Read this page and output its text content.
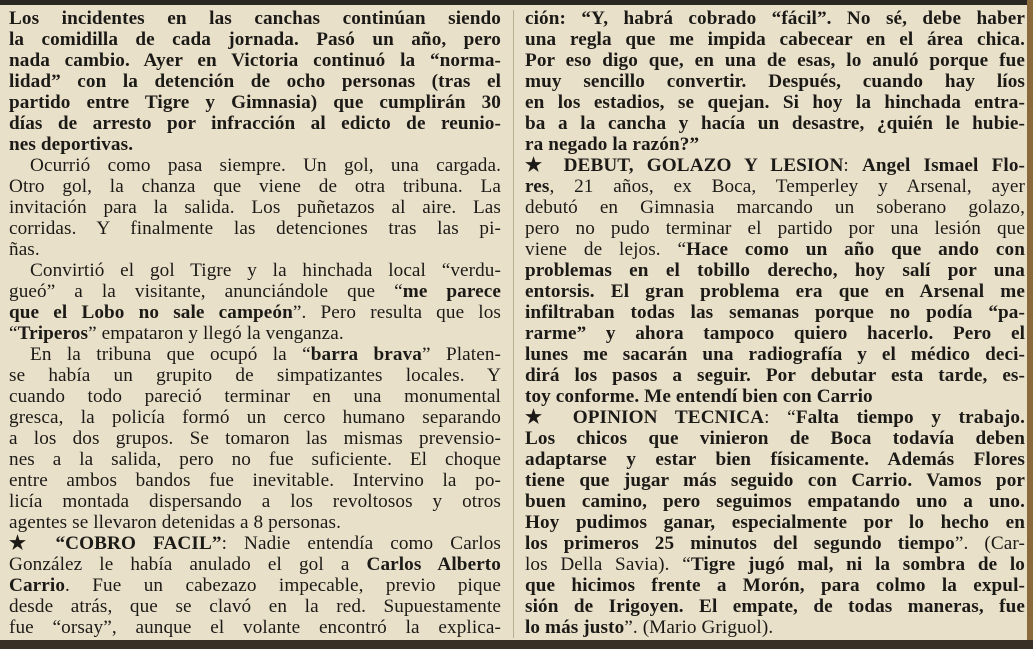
Los incidentes en las canchas continúan siendo
la comidilla de cada jornada. Pasó un año, pero
nada cambio. Ayer en Victoria continuó la “norma-
lidad” con la detención de ocho personas (tras el
partido entre Tigre y Gimnasia) que cumplirán 30
días de arresto por infracción al edicto de reunio-
nes deportivas.
Ocurrió como pasa siempre. Un gol, una cargada.
Otro gol, la chanza que viene de otra tribuna. La
invitación para la salida. Los puñetazos al aire. Las
corridas. Y finalmente las detenciones tras las pi-
ñas.
Convirtió el gol Tigre y la hinchada local “verdu-
gueó” a la visitante, anunciándole que “me parece
que el Lobo no sale campeón”. Pero resulta que los
“Triperos” empataron y llegó la venganza.
En la tribuna que ocupó la “barra brava” Platen-
se había un grupito de simpatizantes locales. Y
cuando todo pareció terminar en una monumental
gresca, la policía formó un cerco humano separando
a los dos grupos. Se tomaron las mismas prevensio-
nes a la salida, pero no fue suficiente. El choque
entre ambos bandos fue inevitable. Intervino la po-
licía montada dispersando a los revoltosos y otros
agentes se llevaron detenidas a 8 personas.
★ “COBRO FACIL”: Nadie entendía como Carlos
González le había anulado el gol a Carlos Alberto
Carrio. Fue un cabezazo impecable, previo pique
desde atrás, que se clavó en la red. Supuestamente
fue “orsay”, aunque el volante encontró la explica-
ción: “Y, habrá cobrado “fácil”. No sé, debe haber
una regla que me impida cabecear en el área chica.
Por eso digo que, en una de esas, lo anuló porque fue
muy sencillo convertir. Después, cuando hay líos
en los estadios, se quejan. Si hoy la hinchada entra-
ba a la cancha y hacía un desastre, ¿quién le hubie-
ra negado la razón?”
★ DEBUT, GOLAZO Y LESION: Angel Ismael Flo-
res, 21 años, ex Boca, Temperley y Arsenal, ayer
debutó en Gimnasia marcando un soberano golazo,
pero no pudo terminar el partido por una lesión que
viene de lejos. “Hace como un año que ando con
problemas en el tobillo derecho, hoy salí por una
entorsis. El gran problema era que en Arsenal me
infiltraban todas las semanas porque no podía “pa-
rarme” y ahora tampoco quiero hacerlo. Pero el
lunes me sacarán una radiografía y el médico deci-
dirá los pasos a seguir. Por debutar esta tarde, es-
toy conforme. Me entendí bien con Carrio
★ OPINION TECNICA: “Falta tiempo y trabajo.
Los chicos que vinieron de Boca todavía deben
adaptarse y estar bien físicamente. Además Flores
tiene que jugar más seguido con Carrio. Vamos por
buen camino, pero seguimos empatando uno a uno.
Hoy pudimos ganar, especialmente por lo hecho en
los primeros 25 minutos del segundo tiempo”. (Car-
los Della Savia). “Tigre jugó mal, ni la sombra de lo
que hicimos frente a Morón, para colmo la expul-
sión de Irigoyen. El empate, de todas maneras, fue
lo más justo”. (Mario Griguol).
